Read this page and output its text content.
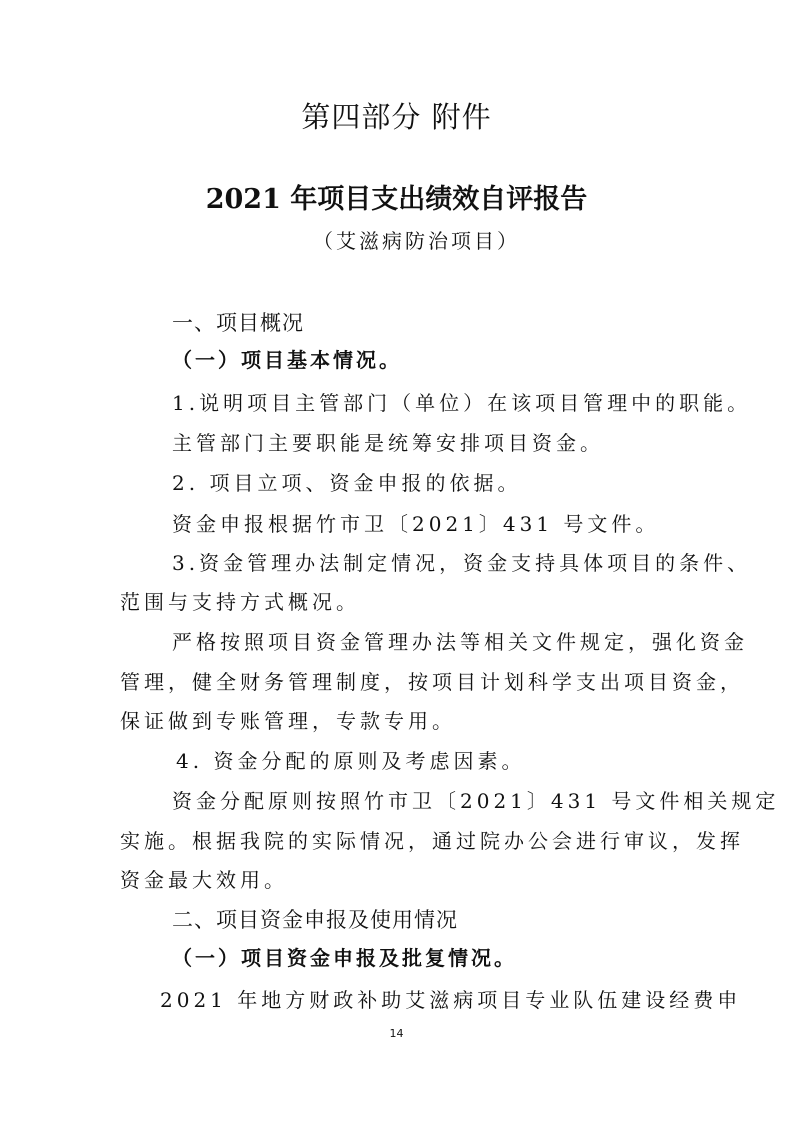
第四部分 附件
2021 年项目支出绩效自评报告
（艾滋病防治项目）
一、项目概况
（一）项目基本情况。
1.说明项目主管部门（单位）在该项目管理中的职能。
主管部门主要职能是统筹安排项目资金。
2. 项目立项、资金申报的依据。
资金申报根据竹市卫〔2021〕431 号文件。
3.资金管理办法制定情况，资金支持具体项目的条件、
范围与支持方式概况。
严格按照项目资金管理办法等相关文件规定，强化资金
管理，健全财务管理制度，按项目计划科学支出项目资金，
保证做到专账管理，专款专用。
4. 资金分配的原则及考虑因素。
资金分配原则按照竹市卫〔2021〕431 号文件相关规定
实施。根据我院的实际情况，通过院办公会进行审议，发挥
资金最大效用。
二、项目资金申报及使用情况
（一）项目资金申报及批复情况。
2021 年地方财政补助艾滋病项目专业队伍建设经费申
14
